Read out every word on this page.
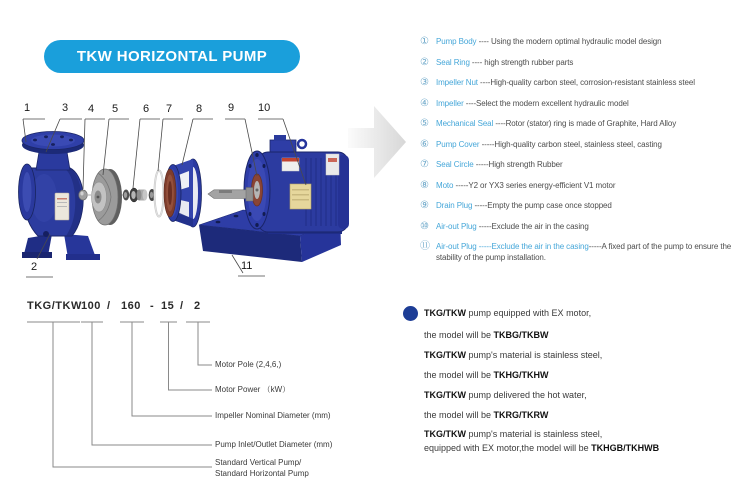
TKW HORIZONTAL PUMP
1	3 4 5 6 7 8 9 10
2	11
① Pump Body ---- Using the modern optimal hydraulic model design
② Seal Ring ---- high strength rubber parts
③ Impeller Nut ----High-quality carbon steel, corrosion-resistant stainless steel
④ Impeller ----Select the modern excellent hydraulic model
⑤ Mechanical Seal ----Rotor (stator) ring is made of Graphite, Hard Alloy
⑥ Pump Cover -----High-quality carbon steel, stainless steel, casting
⑦ Seal Circle -----High strength Rubber
⑧ Moto -----Y2 or YX3 series energy-efficient V1 motor
⑨ Drain Plug -----Empty the pump case once stopped
⑩ Air-out Plug -----Exclude the air in the casing
⑪ Air-out Plug -----Exclude the air in the casing-----A fixed part of the pump to ensure the stability of the pump installation.
TKG/TKW 100 / 160 - 15 / 2
Motor Pole (2,4,6,)
Motor Power （kW）
Impeller Nominal Diameter (mm)
Pump Inlet/Outlet Diameter (mm)
Standard Vertical Pump/
Standard Horizontal Pump
TKG/TKW pump equipped with EX motor,
the model will be TKBG/TKBW
TKG/TKW pump's material is stainless steel,
the model will be TKHG/TKHW
TKG/TKW pump delivered the hot water,
the model will be TKRG/TKRW
TKG/TKW pump's material is stainless steel,
equipped with EX motor,the model will be TKHGB/TKHWB
